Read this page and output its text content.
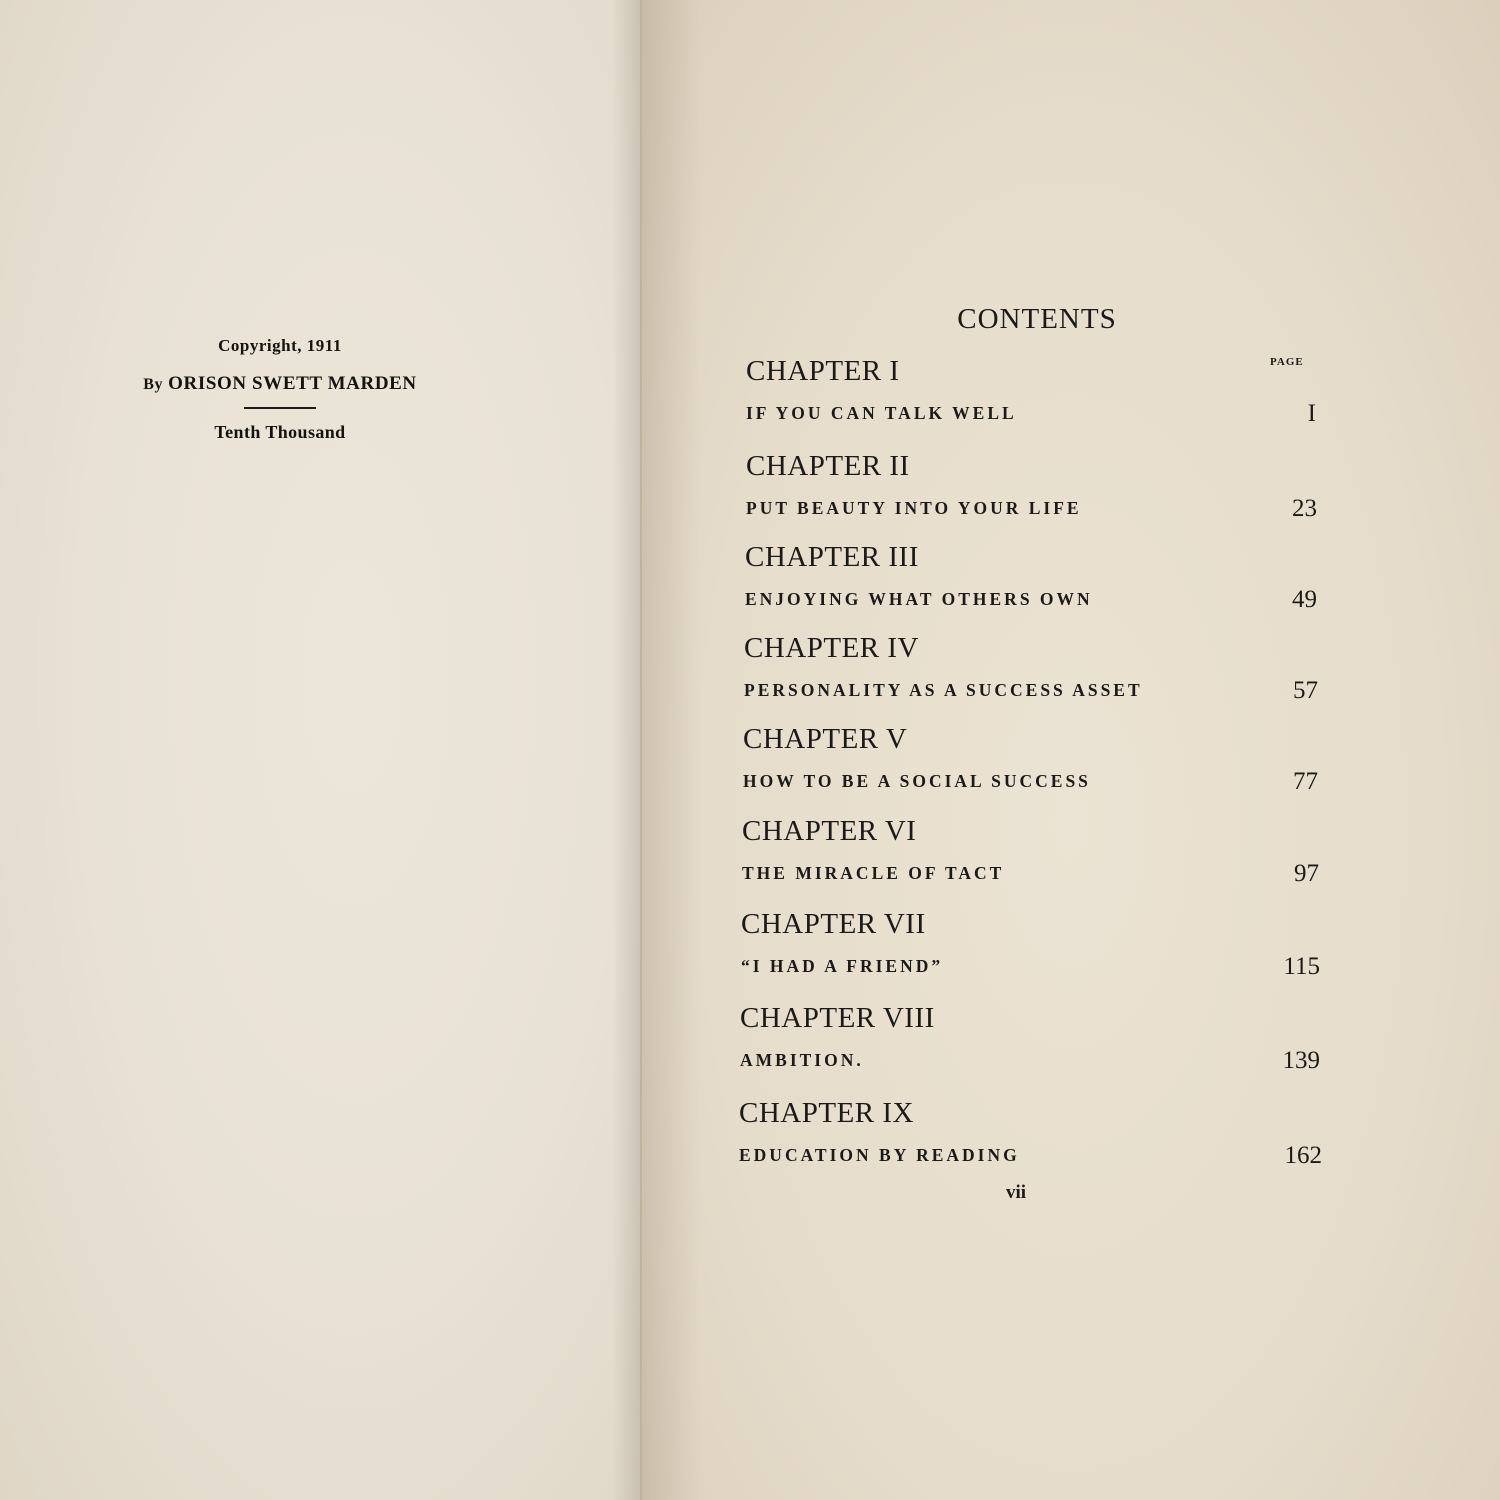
Copyright, 1911
By ORISON SWETT MARDEN
Tenth Thousand
CONTENTS
PAGE
CHAPTER I
IF YOU CAN TALK WELL	I
CHAPTER II
PUT BEAUTY INTO YOUR LIFE	23
CHAPTER III
ENJOYING WHAT OTHERS OWN	49
CHAPTER IV
PERSONALITY AS A SUCCESS ASSET	57
CHAPTER V
HOW TO BE A SOCIAL SUCCESS	77
CHAPTER VI
THE MIRACLE OF TACT	97
CHAPTER VII
“I HAD A FRIEND”	115
CHAPTER VIII
AMBITION.	139
CHAPTER IX
EDUCATION BY READING	162
vii
